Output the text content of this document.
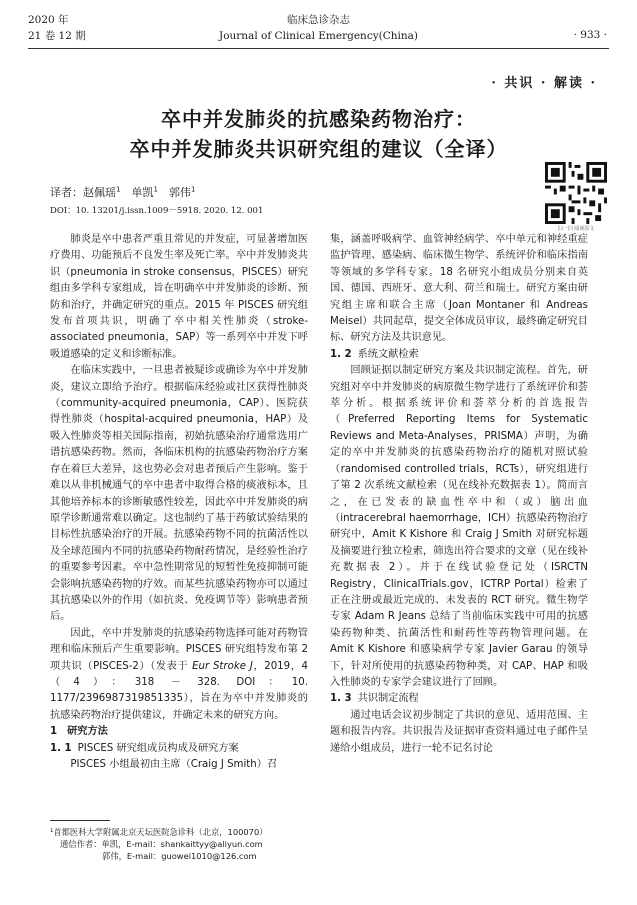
2020 年
21 卷 12 期
临床急诊杂志
Journal of Clinical Emergency(China)	· 933 ·
· 共识 · 解读 ·
卒中并发肺炎的抗感染药物治疗：
卒中并发肺炎共识研究组的建议（全译）
译者：赵佩瑶$^1$  单凯$^1$  郭伟$^1$
DOI：10. 13201/j.issn.1009－5918. 2020. 12. 001
扫一扫 阅读原文

肺炎是卒中患者严重且常见的并发症，可显著增加医疗费用、功能预后不良发生率及死亡率。卒中并发肺炎共识（pneumonia in stroke consensus，PISCES）研究组由多学科专家组成，旨在明确卒中并发肺炎的诊断、预防和治疗，并确定研究的重点。2015 年 PISCES 研究组发布首项共识，明确了卒中相关性肺炎（stroke-associated pneumonia，SAP）等一系列卒中并发下呼吸道感染的定义和诊断标准。

在临床实践中，一旦患者被疑诊或确诊为卒中并发肺炎，建议立即给予治疗。根据临床经验或社区获得性肺炎（community-acquired pneumonia，CAP）、医院获得性肺炎（hospital-acquired pneumonia，HAP）及吸入性肺炎等相关国际指南，初始抗感染治疗通常选用广谱抗感染药物。然而，各临床机构的抗感染药物治疗方案存在着巨大差异，这也势必会对患者预后产生影响。鉴于难以从非机械通气的卒中患者中取得合格的痰液标本，且其他培养标本的诊断敏感性较差，因此卒中并发肺炎的病原学诊断通常难以确定。这也制约了基于药敏试验结果的目标性抗感染治疗的开展。抗感染药物不同的抗菌活性以及全球范围内不同的抗感染药物耐药情况，是经验性治疗的重要参考因素。卒中急性期常见的短暂性免疫抑制可能会影响抗感染药物的疗效。而某些抗感染药物亦可以通过其抗感染以外的作用（如抗炎、免疫调节等）影响患者预后。

因此，卒中并发肺炎的抗感染药物选择可能对药物管理和临床预后产生重要影响。PISCES 研究组特发布第 2 项共识（PISCES-2）（发表于 Eur Stroke J，2019，4（4）：318 － 328. DOI：10. 1177/2396987319851335），旨在为卒中并发肺炎的抗感染药物治疗提供建议，并确定未来的研究方向。

1 研究方法
1. 1 PISCES 研究组成员构成及研究方案

PISCES 小组最初由主席（Craig J Smith）召

集，涵盖呼吸病学、血管神经病学、卒中单元和神经重症监护管理、感染病、临床微生物学、系统评价和临床指南等领域的多学科专家。18 名研究小组成员分别来自英国、德国、西班牙、意大利、荷兰和瑞士。研究方案由研究组主席和联合主席（Joan Montaner 和 Andreas Meisel）共同起草，提交全体成员审议，最终确定研究目标、研究方法及共识意见。

1. 2 系统文献检索

回顾证据以制定研究方案及共识制定流程。首先，研究组对卒中并发肺炎的病原微生物学进行了系统评价和荟萃分析。根据系统评价和荟萃分析的首选报告（Preferred Reporting Items for Systematic Reviews and Meta-Analyses，PRISMA）声明，为确定的卒中并发肺炎的抗感染药物治疗的随机对照试验（randomised controlled trials，RCTs），研究组进行了第 2 次系统文献检索（见在线补充数据表 1）。简而言之，在已发表的缺血性卒中和（或）脑出血（intracerebral haemorrhage，ICH）抗感染药物治疗研究中，Amit K Kishore 和 Craig J Smith 对研究标题及摘要进行独立检索，筛选出符合要求的文章（见在线补充数据表 2）。并于在线试验登记处（ISRCTN Registry，ClinicalTrials.gov，ICTRP Portal）检索了正在注册或最近完成的、未发表的 RCT 研究。微生物学专家 Adam R Jeans 总结了当前临床实践中可用的抗感染药物种类、抗菌活性和耐药性等药物管理问题。在 Amit K Kishore 和感染病学专家 Javier Garau 的领导下，针对所使用的抗感染药物种类，对 CAP、HAP 和吸入性肺炎的专家学会建议进行了回顾。

1. 3 共识制定流程

通过电话会议初步制定了共识的意见、适用范围、主题和报告内容。共识报告及证据审查资料通过电子邮件呈递给小组成员，进行一轮不记名讨论

¹首都医科大学附属北京天坛医院急诊科（北京，100070）
通信作者：单凯，E-mail：shankaittyy@aliyun.com
郭伟，E-mail：guowei1010@126.com
